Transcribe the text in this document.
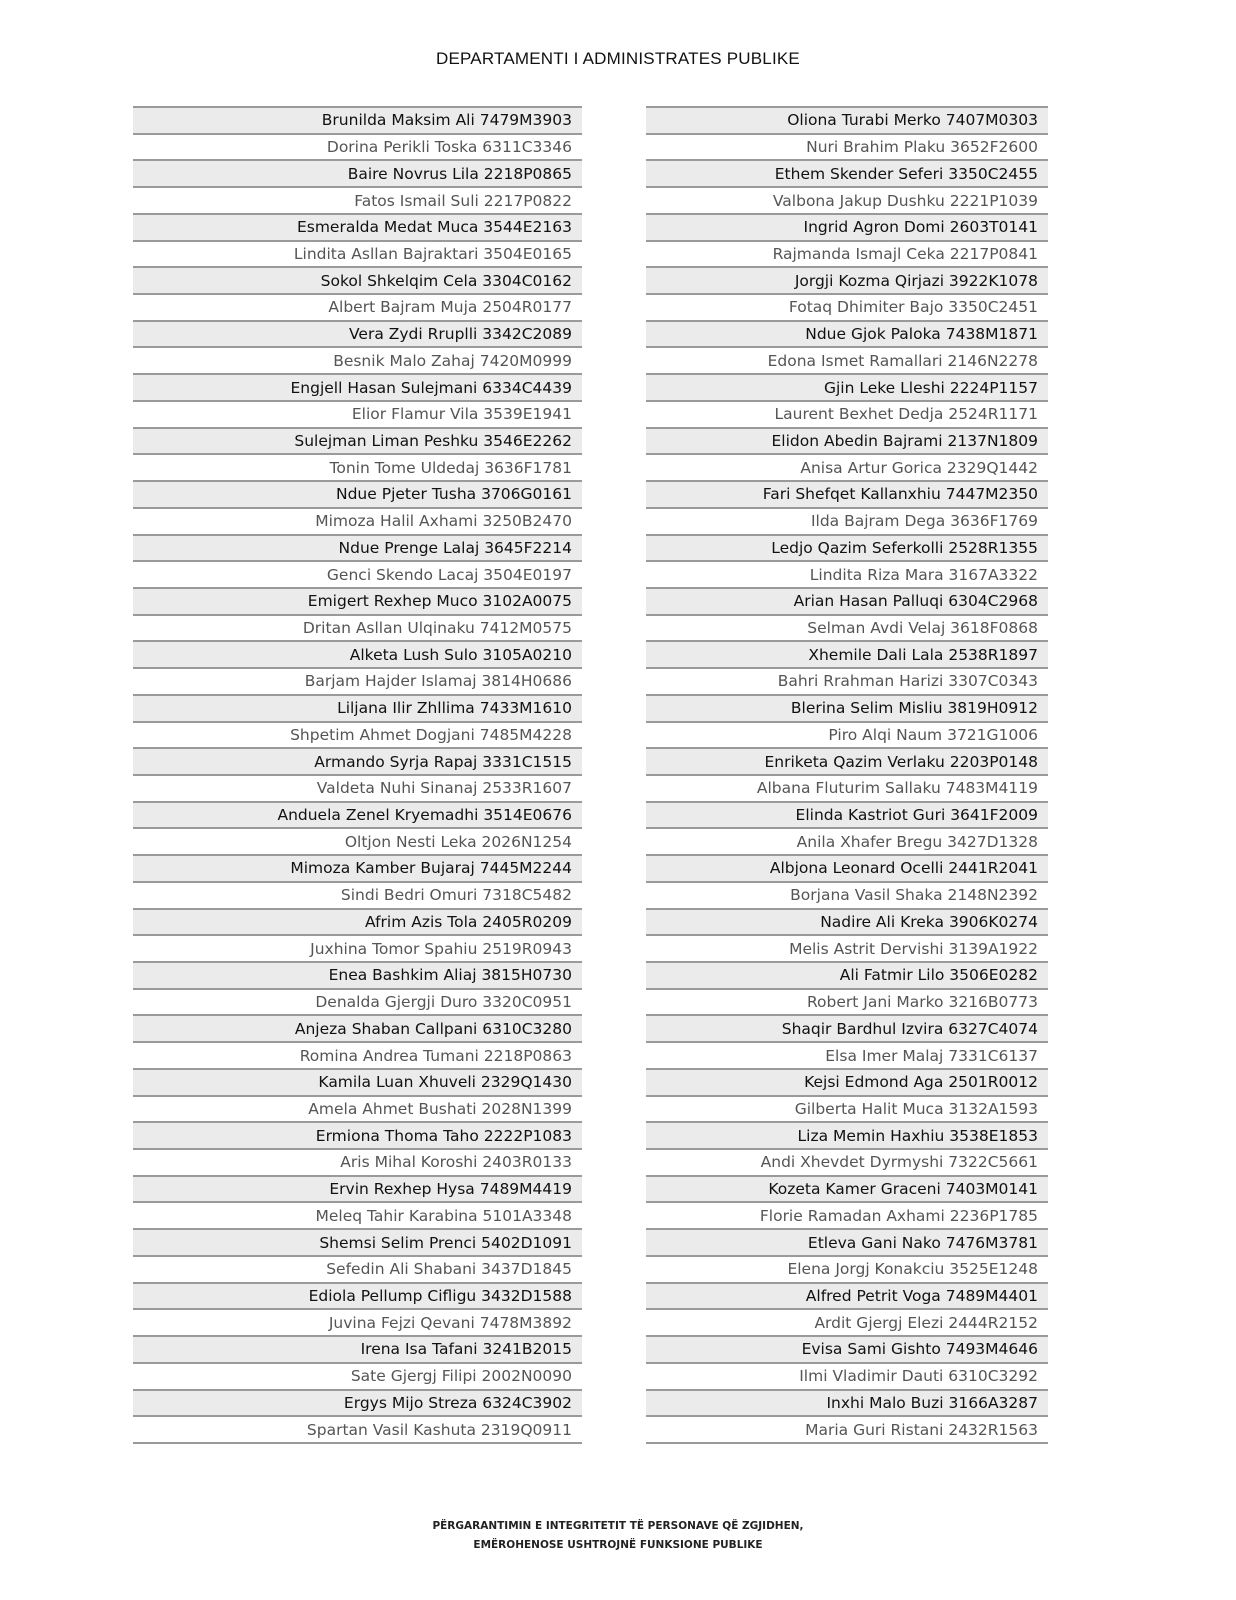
DEPARTAMENTI I ADMINISTRATES PUBLIKE
Brunilda Maksim Ali 7479M3903
Dorina Perikli Toska 6311C3346
Baire Novrus Lila 2218P0865
Fatos Ismail Suli 2217P0822
Esmeralda Medat Muca 3544E2163
Lindita Asllan Bajraktari 3504E0165
Sokol Shkelqim Cela 3304C0162
Albert Bajram Muja 2504R0177
Vera Zydi Rruplli 3342C2089
Besnik Malo Zahaj 7420M0999
Engjell Hasan Sulejmani 6334C4439
Elior Flamur Vila 3539E1941
Sulejman Liman Peshku 3546E2262
Tonin Tome Uldedaj 3636F1781
Ndue Pjeter Tusha 3706G0161
Mimoza Halil Axhami 3250B2470
Ndue Prenge Lalaj 3645F2214
Genci Skendo Lacaj 3504E0197
Emigert Rexhep Muco 3102A0075
Dritan Asllan Ulqinaku 7412M0575
Alketa Lush Sulo 3105A0210
Barjam Hajder Islamaj 3814H0686
Liljana Ilir Zhllima 7433M1610
Shpetim Ahmet Dogjani 7485M4228
Armando Syrja Rapaj 3331C1515
Valdeta Nuhi Sinanaj 2533R1607
Anduela Zenel Kryemadhi 3514E0676
Oltjon Nesti Leka 2026N1254
Mimoza Kamber Bujaraj 7445M2244
Sindi Bedri Omuri 7318C5482
Afrim Azis Tola 2405R0209
Juxhina Tomor Spahiu 2519R0943
Enea Bashkim Aliaj 3815H0730
Denalda Gjergji Duro 3320C0951
Anjeza Shaban Callpani 6310C3280
Romina Andrea Tumani 2218P0863
Kamila Luan Xhuveli 2329Q1430
Amela Ahmet Bushati 2028N1399
Ermiona Thoma Taho 2222P1083
Aris Mihal Koroshi 2403R0133
Ervin Rexhep Hysa 7489M4419
Meleq Tahir Karabina 5101A3348
Shemsi Selim Prenci 5402D1091
Sefedin Ali Shabani 3437D1845
Ediola Pellump Cifligu 3432D1588
Juvina Fejzi Qevani 7478M3892
Irena Isa Tafani 3241B2015
Sate Gjergj Filipi 2002N0090
Ergys Mijo Streza 6324C3902
Spartan Vasil Kashuta 2319Q0911
Oliona Turabi Merko 7407M0303
Nuri Brahim Plaku 3652F2600
Ethem Skender Seferi 3350C2455
Valbona Jakup Dushku 2221P1039
Ingrid Agron Domi 2603T0141
Rajmanda Ismajl Ceka 2217P0841
Jorgji Kozma Qirjazi 3922K1078
Fotaq Dhimiter Bajo 3350C2451
Ndue Gjok Paloka 7438M1871
Edona Ismet Ramallari 2146N2278
Gjin Leke Lleshi 2224P1157
Laurent Bexhet Dedja 2524R1171
Elidon Abedin Bajrami 2137N1809
Anisa Artur Gorica 2329Q1442
Fari Shefqet Kallanxhiu 7447M2350
Ilda Bajram Dega 3636F1769
Ledjo Qazim Seferkolli 2528R1355
Lindita Riza Mara 3167A3322
Arian Hasan Palluqi 6304C2968
Selman Avdi Velaj 3618F0868
Xhemile Dali Lala 2538R1897
Bahri Rrahman Harizi 3307C0343
Blerina Selim Misliu 3819H0912
Piro Alqi Naum 3721G1006
Enriketa Qazim Verlaku 2203P0148
Albana Fluturim Sallaku 7483M4119
Elinda Kastriot Guri 3641F2009
Anila Xhafer Bregu 3427D1328
Albjona Leonard Ocelli 2441R2041
Borjana Vasil Shaka 2148N2392
Nadire Ali Kreka 3906K0274
Melis Astrit Dervishi 3139A1922
Ali Fatmir Lilo 3506E0282
Robert Jani Marko 3216B0773
Shaqir Bardhul Izvira 6327C4074
Elsa Imer Malaj 7331C6137
Kejsi Edmond Aga 2501R0012
Gilberta Halit Muca 3132A1593
Liza Memin Haxhiu 3538E1853
Andi Xhevdet Dyrmyshi 7322C5661
Kozeta Kamer Graceni 7403M0141
Florie Ramadan Axhami 2236P1785
Etleva Gani Nako 7476M3781
Elena Jorgj Konakciu 3525E1248
Alfred Petrit Voga 7489M4401
Ardit Gjergj Elezi 2444R2152
Evisa Sami Gishto 7493M4646
Ilmi Vladimir Dauti 6310C3292
Inxhi Malo Buzi 3166A3287
Maria Guri Ristani 2432R1563
PËRGARANTIMIN E INTEGRITETIT TË PERSONAVE QË ZGJIDHEN,
EMËROHENOSE USHTROJNË FUNKSIONE PUBLIKE
